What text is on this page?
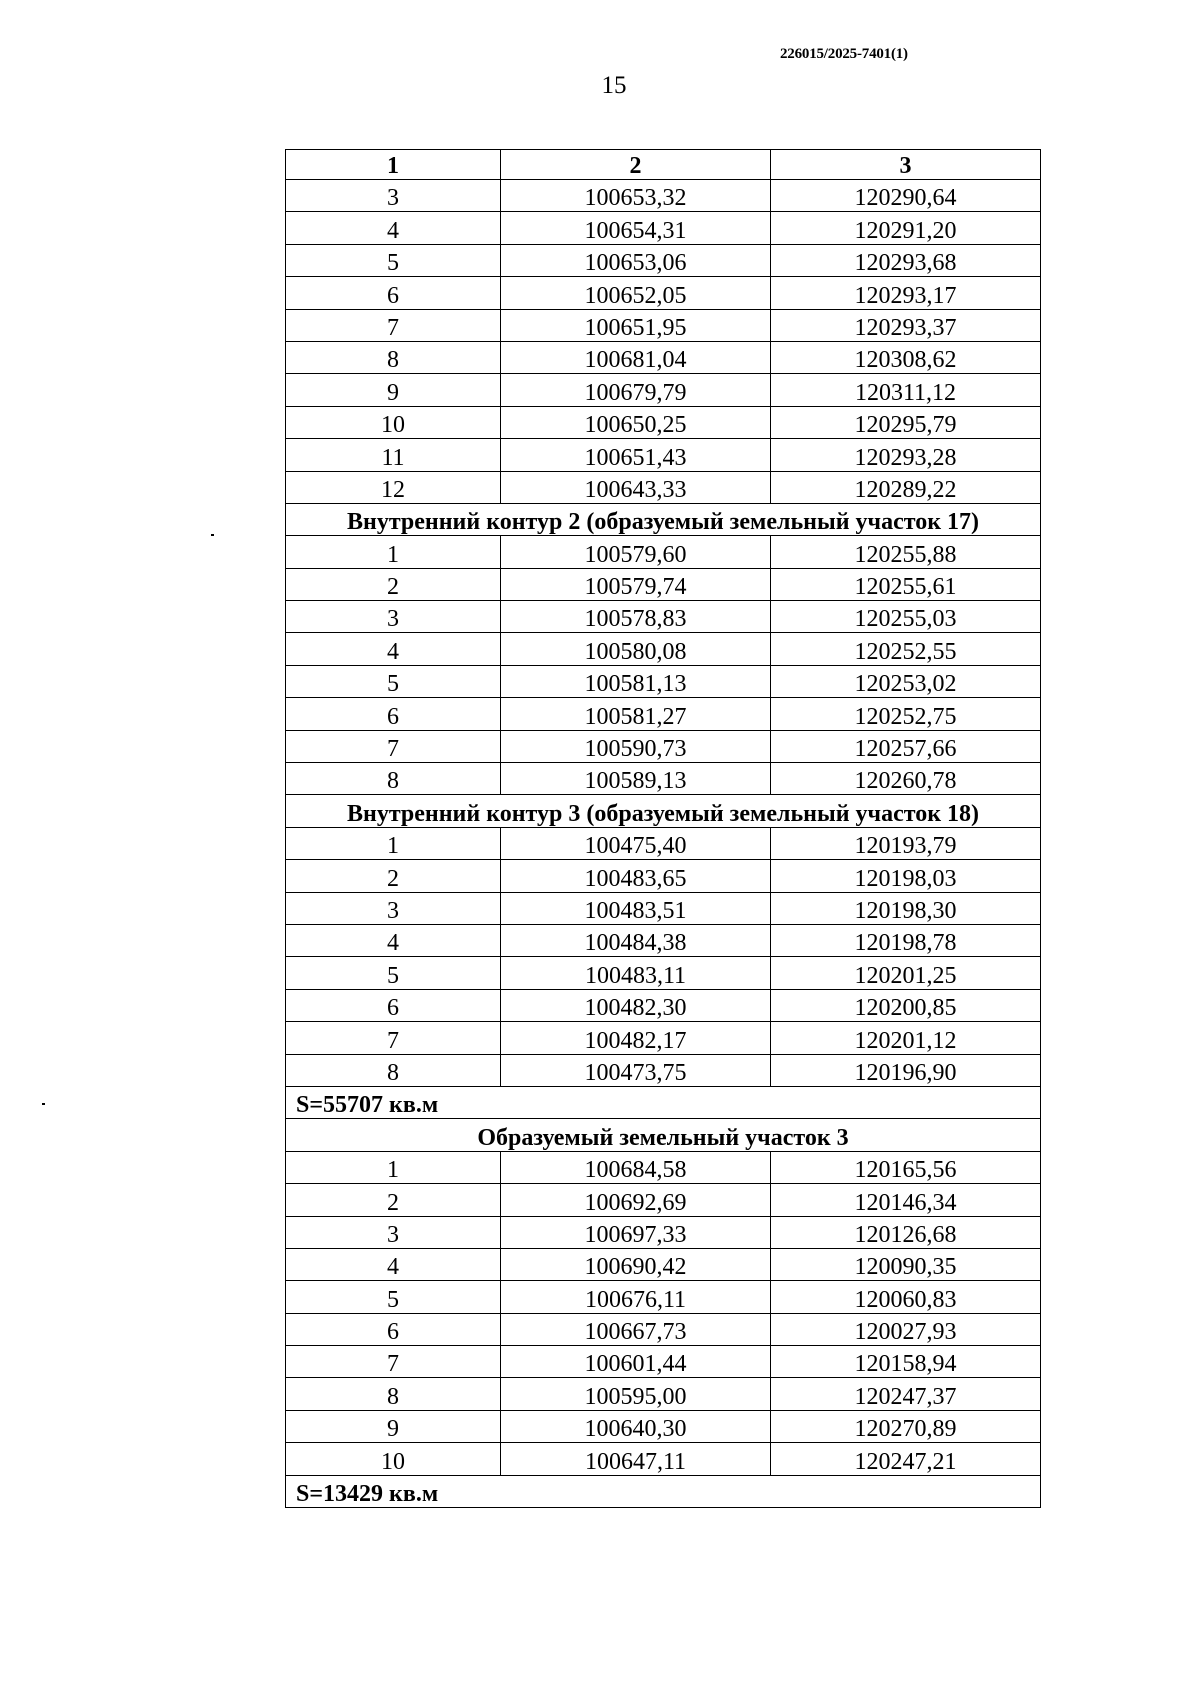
226015/2025-7401(1)
15
1	2	3
3	100653,32	120290,64
4	100654,31	120291,20
5	100653,06	120293,68
6	100652,05	120293,17
7	100651,95	120293,37
8	100681,04	120308,62
9	100679,79	120311,12
10	100650,25	120295,79
11	100651,43	120293,28
12	100643,33	120289,22
Внутренний контур 2 (образуемый земельный участок 17)		
1	100579,60	120255,88
2	100579,74	120255,61
3	100578,83	120255,03
4	100580,08	120252,55
5	100581,13	120253,02
6	100581,27	120252,75
7	100590,73	120257,66
8	100589,13	120260,78
Внутренний контур 3 (образуемый земельный участок 18)		
1	100475,40	120193,79
2	100483,65	120198,03
3	100483,51	120198,30
4	100484,38	120198,78
5	100483,11	120201,25
6	100482,30	120200,85
7	100482,17	120201,12
8	100473,75	120196,90
S=55707 кв.м		
Образуемый земельный участок 3		
1	100684,58	120165,56
2	100692,69	120146,34
3	100697,33	120126,68
4	100690,42	120090,35
5	100676,11	120060,83
6	100667,73	120027,93
7	100601,44	120158,94
8	100595,00	120247,37
9	100640,30	120270,89
10	100647,11	120247,21
S=13429 кв.м		
